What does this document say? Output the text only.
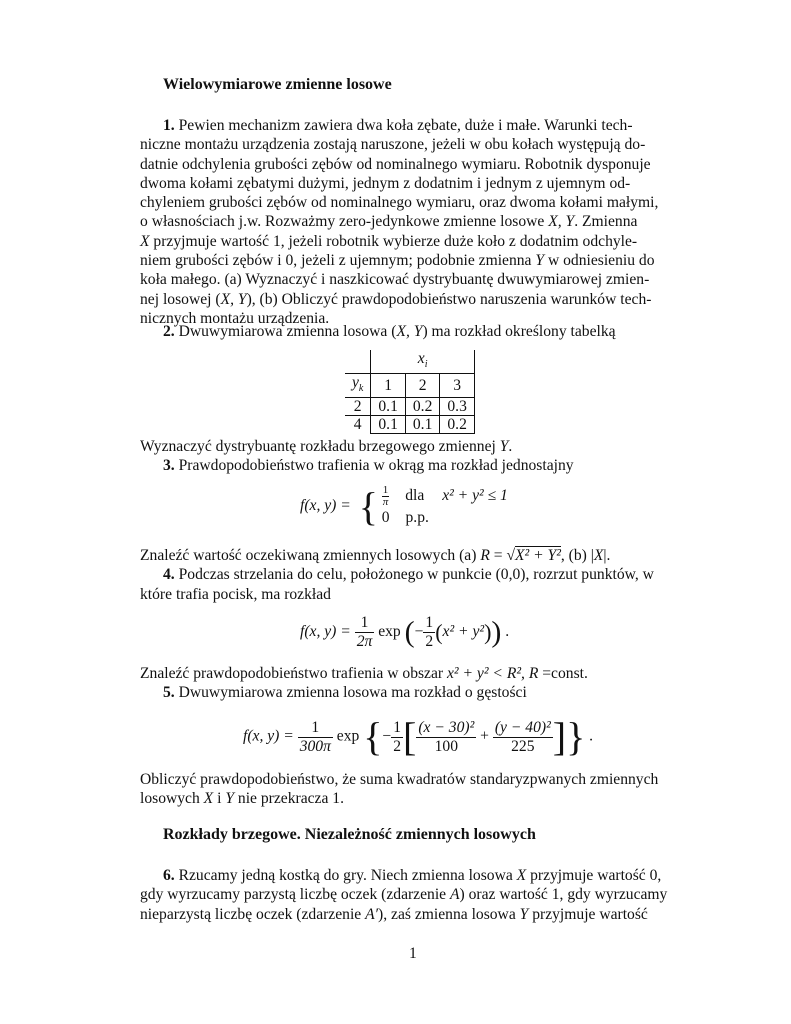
Wielowymiarowe zmienne losowe

1. Pewien mechanizm zawiera dwa koła zębate, duże i małe. Warunki tech-

niczne montażu urządzenia zostają naruszone, jeżeli w obu kołach występują do-

datnie odchylenia grubości zębów od nominalnego wymiaru. Robotnik dysponuje

dwoma kołami zębatymi dużymi, jednym z dodatnim i jednym z ujemnym od-

chyleniem grubości zębów od nominalnego wymiaru, oraz dwoma kołami małymi,

o własnościach j.w. Rozważmy zero-jedynkowe zmienne losowe X, Y. Zmienna

X przyjmuje wartość 1, jeżeli robotnik wybierze duże koło z dodatnim odchyle-

niem grubości zębów i 0, jeżeli z ujemnym; podobnie zmienna Y w odniesieniu do

koła małego. (a) Wyznaczyć i naszkicować dystrybuantę dwuwymiarowej zmien-

nej losowej (X, Y), (b) Obliczyć prawdopodobieństwo naruszenia warunków tech-

nicznych montażu urządzenia.

2. Dwuwymiarowa zmienna losowa (X, Y) ma rozkład określony tabelką

		$x_i$	
$y_k$	1	2	3
2	0.1	0.2	0.3
4	0.1	0.1	0.2

Wyznaczyć dystrybuantę rozkładu brzegowego zmiennej Y.

3. Prawdopodobieństwo trafienia w okrąg ma rozkład jednostajny

f(x, y) = { $\frac{1}{\pi}$ dla x² + y² ≤ 1
0 p.p.

Znaleźć wartość oczekiwaną zmiennych losowych (a) R = √X² + Y², (b) |X|.

4. Podczas strzelania do celu, położonego w punkcie (0,0), rozrzut punktów, w

które trafia pocisk, ma rozkład

f(x, $y) = \frac{1}{2\pi}$ exp (− $\frac{1}{2} (x^2 + y^2)$) .

Znaleźć prawdopodobieństwo trafienia w obszar x² + y² < R², R =const.

5. Dwuwymiarowa zmienna losowa ma rozkład o gęstości

f(x, $y) = \frac{1}{300\pi}$ exp {− $\frac{1}{2}$ [ $\frac{\text{(x − 30)²}}{100} + \frac{\text{(y − 40)²}}{225}$ ]} .

Obliczyć prawdopodobieństwo, że suma kwadratów standaryzpwanych zmiennych

losowych X i Y nie przekracza 1.

Rozkłady brzegowe. Niezależność zmiennych losowych

6. Rzucamy jedną kostką do gry. Niech zmienna losowa X przyjmuje wartość 0,

gdy wyrzucamy parzystą liczbę oczek (zdarzenie A) oraz wartość 1, gdy wyrzucamy

nieparzystą liczbę oczek (zdarzenie A′), zaś zmienna losowa Y przyjmuje wartość

1
